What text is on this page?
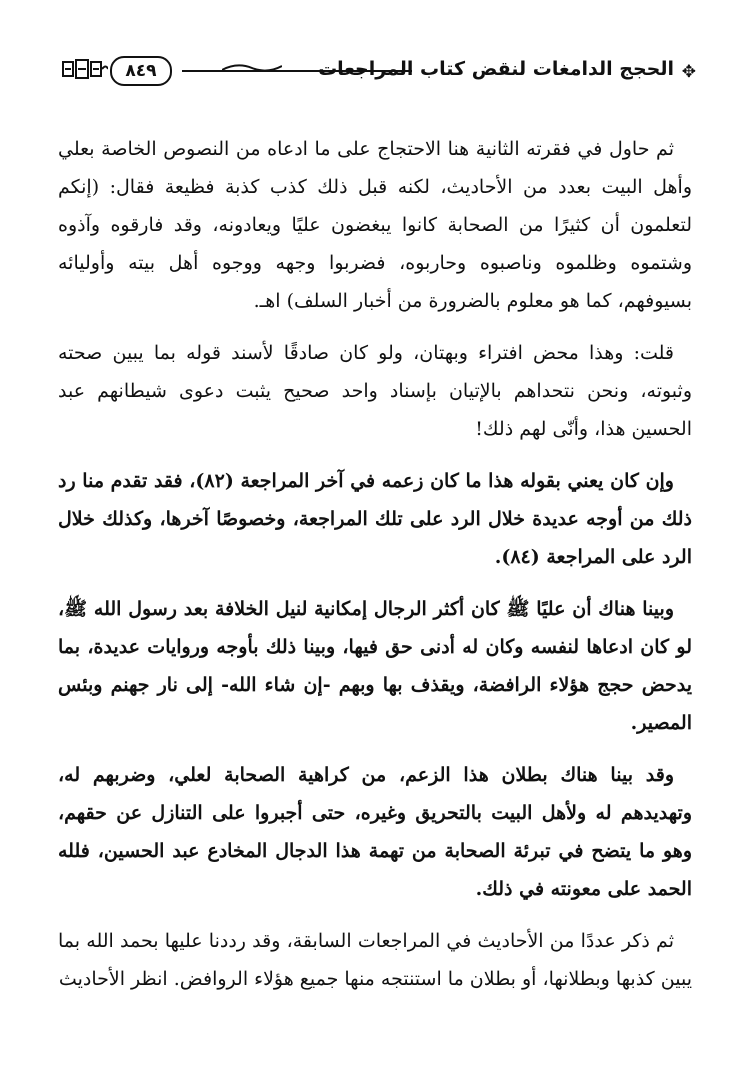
٨٤٩	الحجج الدامغات لنقض كتاب المراجعات ✥

ثم حاول في فقرته الثانية هنا الاحتجاج على ما ادعاه من النصوص الخاصة بعلي وأهل البيت بعدد من الأحاديث، لكنه قبل ذلك كذب كذبة فظيعة فقال: (إنكم لتعلمون أن كثيرًا من الصحابة كانوا يبغضون عليًا ويعادونه، وقد فارقوه وآذوه وشتموه وظلموه وناصبوه وحاربوه، فضربوا وجهه ووجوه أهل بيته وأوليائه بسيوفهم، كما هو معلوم بالضرورة من أخبار السلف) اهـ.

قلت: وهذا محض افتراء وبهتان، ولو كان صادقًا لأسند قوله بما يبين صحته وثبوته، ونحن نتحداهم بالإتيان بإسناد واحد صحيح يثبت دعوى شيطانهم عبد الحسين هذا، وأنّى لهم ذلك!

وإن كان يعني بقوله هذا ما كان زعمه في آخر المراجعة (٨٢)، فقد تقدم منا رد ذلك من أوجه عديدة خلال الرد على تلك المراجعة، وخصوصًا آخرها، وكذلك خلال الرد على المراجعة (٨٤).

وبينا هناك أن عليًا ﷺ كان أكثر الرجال إمكانية لنيل الخلافة بعد رسول الله ﷺ، لو كان ادعاها لنفسه وكان له أدنى حق فيها، وبينا ذلك بأوجه وروايات عديدة، بما يدحض حجج هؤلاء الرافضة، ويقذف بها وبهم -إن شاء الله- إلى نار جهنم وبئس المصير.

وقد بينا هناك بطلان هذا الزعم، من كراهية الصحابة لعلي، وضربهم له، وتهديدهم له ولأهل البيت بالتحريق وغيره، حتى أجبروا على التنازل عن حقهم، وهو ما يتضح في تبرئة الصحابة من تهمة هذا الدجال المخادع عبد الحسين، فلله الحمد على معونته في ذلك.

ثم ذكر عددًا من الأحاديث في المراجعات السابقة، وقد رددنا عليها بحمد الله بما يبين كذبها وبطلانها، أو بطلان ما استنتجه منها جميع هؤلاء الروافض. انظر الأحاديث
